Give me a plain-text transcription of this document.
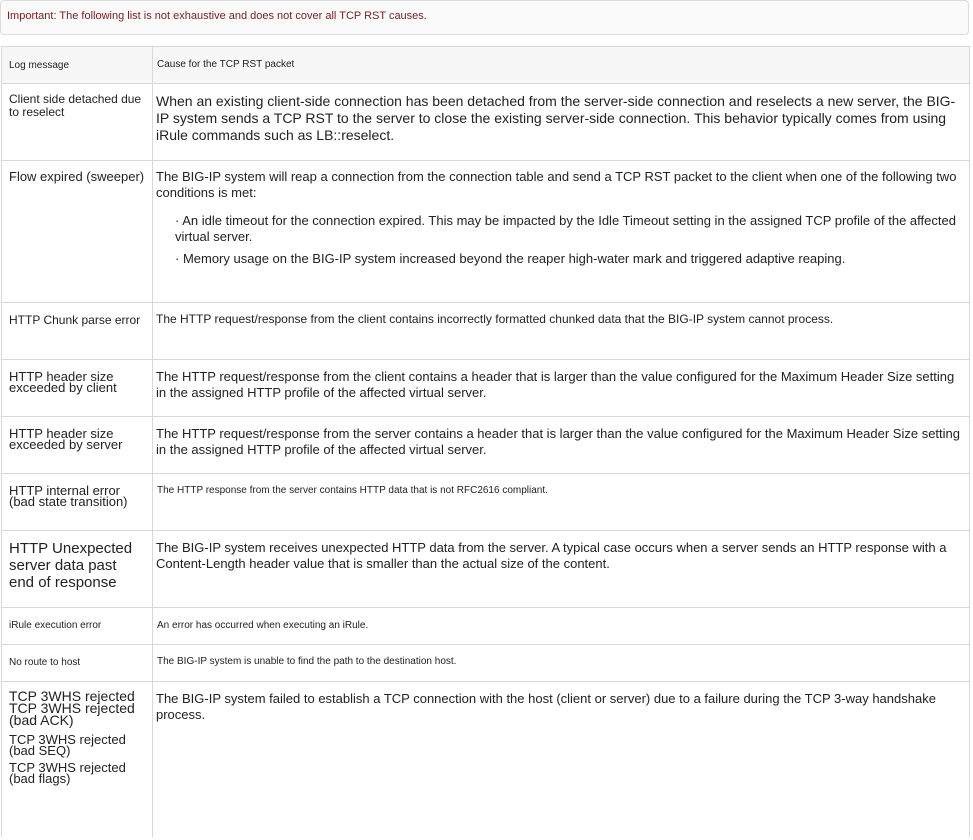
Important: The following list is not exhaustive and does not cover all TCP RST causes.
Log message	Cause for the TCP RST packet

Client side detached due to reselect	When an existing client-side connection has been detached from the server-side connection and reselects a new server, the BIG-IP system sends a TCP RST to the server to close the existing server-side connection. This behavior typically comes from using iRule commands such as LB::reselect.

Flow expired (sweeper)	The BIG-IP system will reap a connection from the connection table and send a TCP RST packet to the client when one of the following two conditions is met:
· An idle timeout for the connection expired. This may be impacted by the Idle Timeout setting in the assigned TCP profile of the affected virtual server.
· Memory usage on the BIG-IP system increased beyond the reaper high-water mark and triggered adaptive reaping.

HTTP Chunk parse error	The HTTP request/response from the client contains incorrectly formatted chunked data that the BIG-IP system cannot process.

HTTP header size exceeded by client	The HTTP request/response from the client contains a header that is larger than the value configured for the Maximum Header Size setting in the assigned HTTP profile of the affected virtual server.

HTTP header size exceeded by server	The HTTP request/response from the server contains a header that is larger than the value configured for the Maximum Header Size setting in the assigned HTTP profile of the affected virtual server.

HTTP internal error (bad state transition)	The HTTP response from the server contains HTTP data that is not RFC2616 compliant.

HTTP Unexpected server data past end of response	The BIG-IP system receives unexpected HTTP data from the server. A typical case occurs when a server sends an HTTP response with a Content-Length header value that is smaller than the actual size of the content.

iRule execution error	An error has occurred when executing an iRule.

No route to host	The BIG-IP system is unable to find the path to the destination host.

TCP 3WHS rejected TCP 3WHS rejected (bad ACK)
TCP 3WHS rejected (bad SEQ)
TCP 3WHS rejected (bad flags)	The BIG-IP system failed to establish a TCP connection with the host (client or server) due to a failure during the TCP 3-way handshake process.
